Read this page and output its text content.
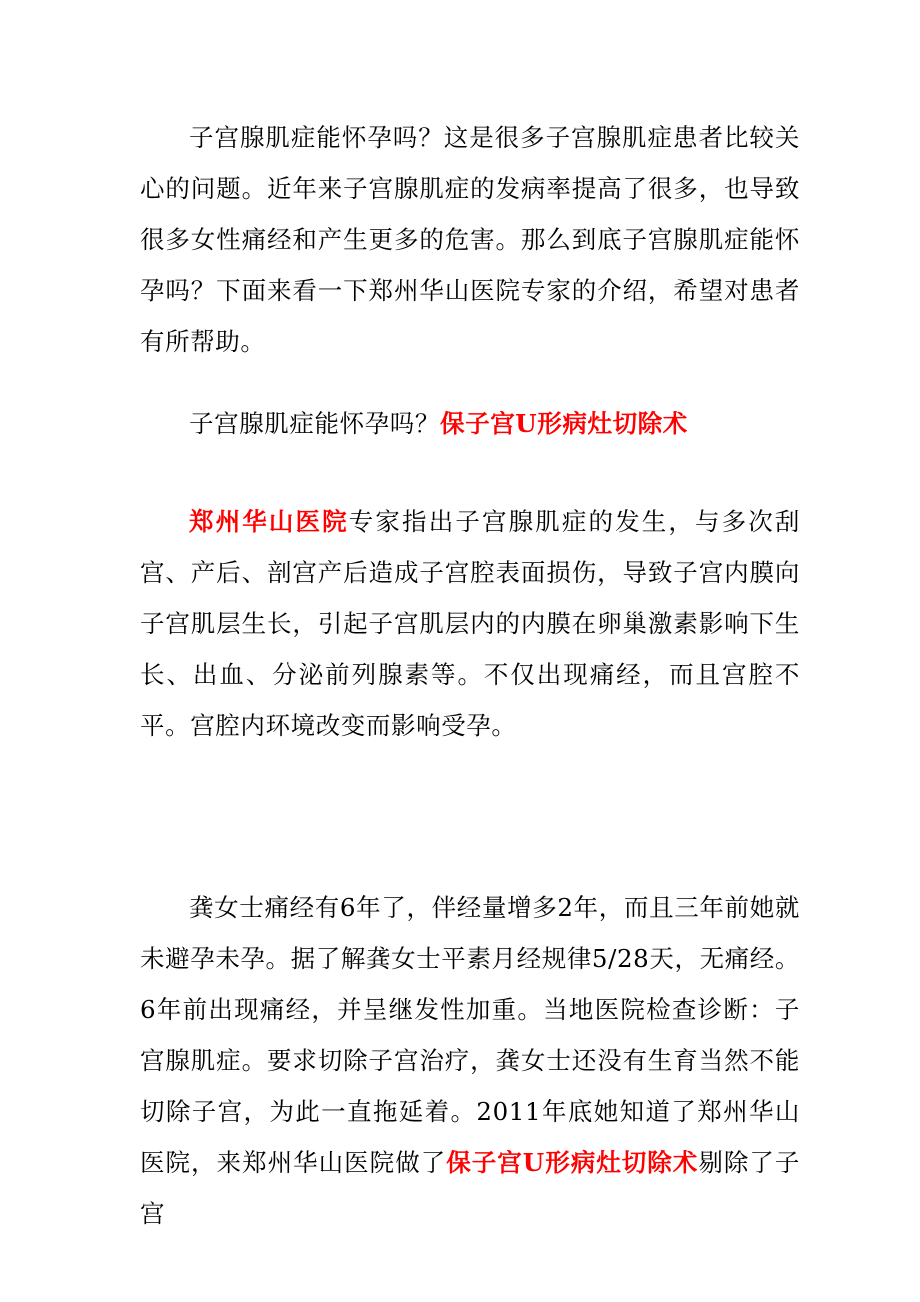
子宫腺肌症能怀孕吗？这是很多子宫腺肌症患者比较关心的问题。近年来子宫腺肌症的发病率提高了很多，也导致很多女性痛经和产生更多的危害。那么到底子宫腺肌症能怀孕吗？下面来看一下郑州华山医院专家的介绍，希望对患者有所帮助。

子宫腺肌症能怀孕吗？保子宫U形病灶切除术

郑州华山医院专家指出子宫腺肌症的发生，与多次刮宫、产后、剖宫产后造成子宫腔表面损伤，导致子宫内膜向子宫肌层生长，引起子宫肌层内的内膜在卵巢激素影响下生长、出血、分泌前列腺素等。不仅出现痛经，而且宫腔不平。宫腔内环境改变而影响受孕。

龚女士痛经有6年了，伴经量增多2年，而且三年前她就未避孕未孕。据了解龚女士平素月经规律5/28天，无痛经。6年前出现痛经，并呈继发性加重。当地医院检查诊断：子宫腺肌症。要求切除子宫治疗，龚女士还没有生育当然不能切除子宫，为此一直拖延着。2011年底她知道了郑州华山医院，来郑州华山医院做了保子宫U形病灶切除术剔除了子宫
